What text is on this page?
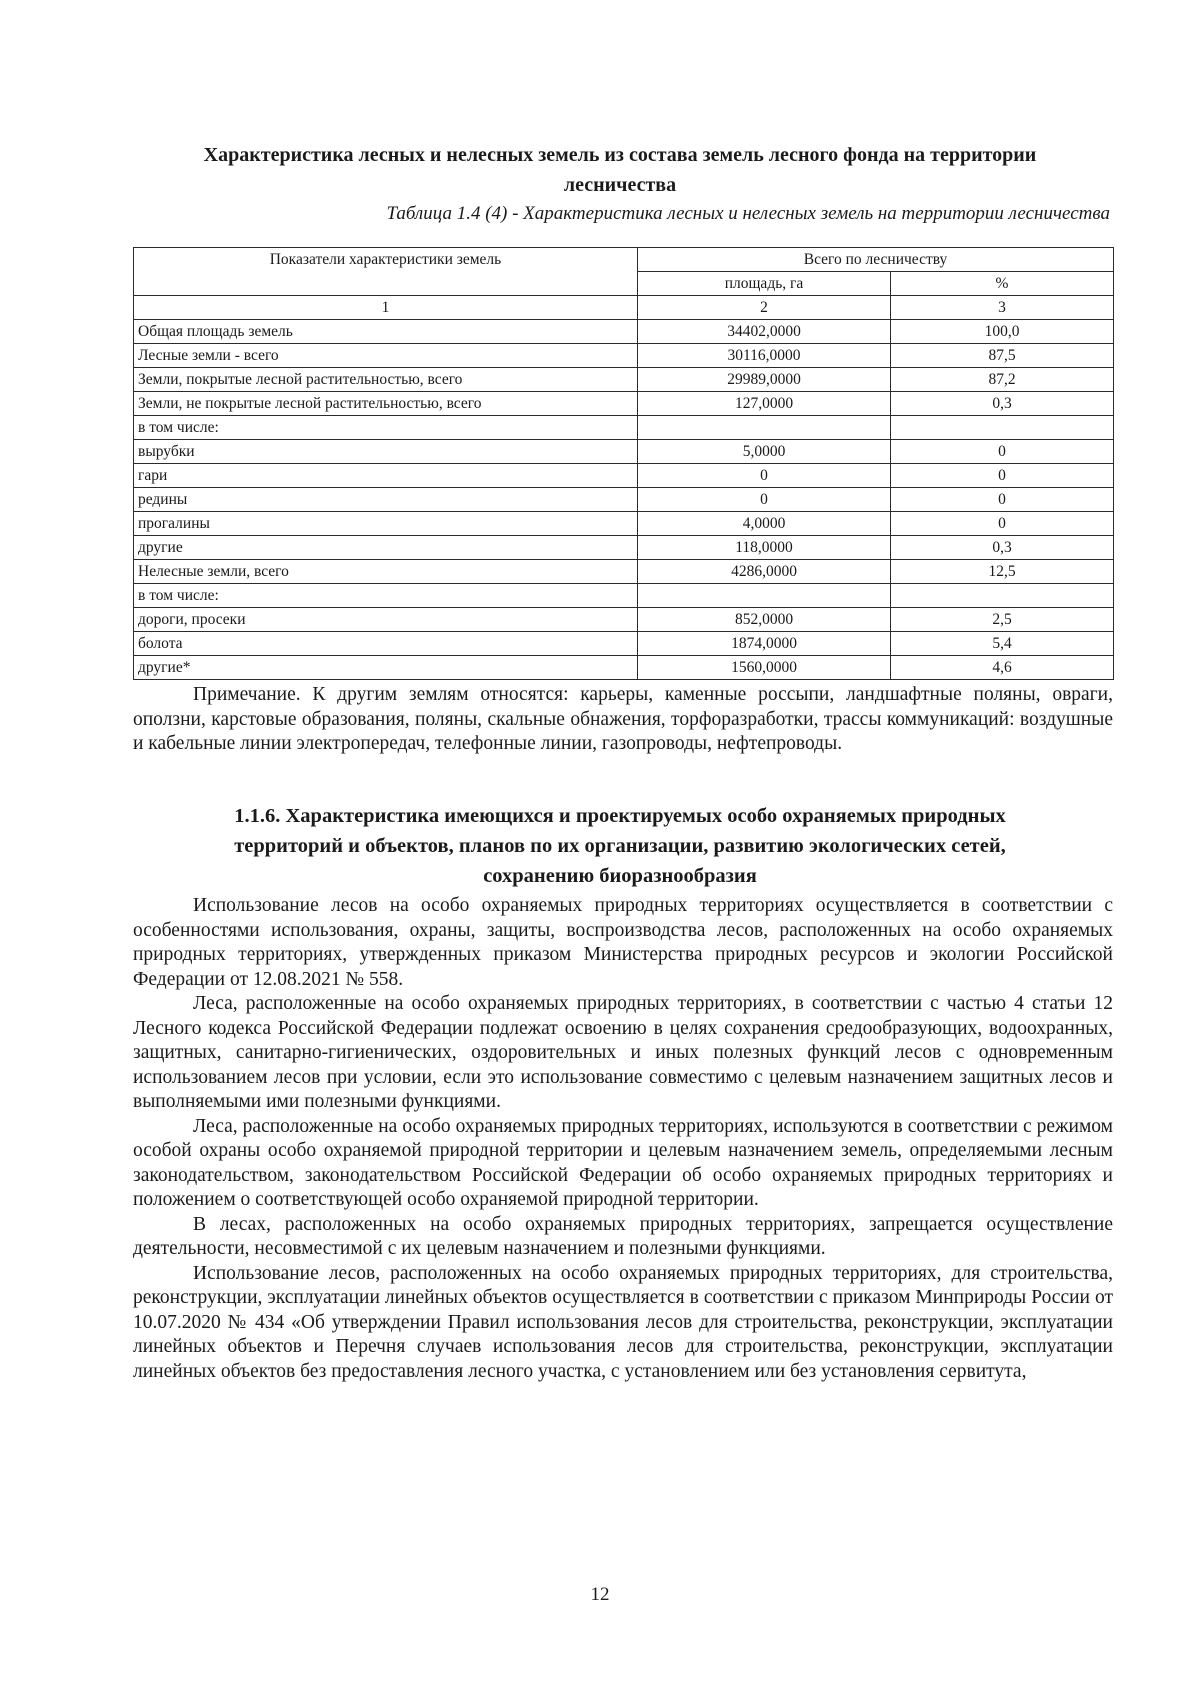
Характеристика лесных и нелесных земель из состава земель лесного фонда на территории
лесничества
Таблица 1.4 (4) - Характеристика лесных и нелесных земель на территории лесничества
Показатели характеристики земель	Всего по лесничеству	
	площадь, га	%
1	2	3
Общая площадь земель	34402,0000	100,0
Лесные земли - всего	30116,0000	87,5
Земли, покрытые лесной растительностью, всего	29989,0000	87,2
Земли, не покрытые лесной растительностью, всего	127,0000	0,3
в том числе:		
вырубки	5,0000	0
гари	0	0
редины	0	0
прогалины	4,0000	0
другие	118,0000	0,3
Нелесные земли, всего	4286,0000	12,5
в том числе:		
дороги, просеки	852,0000	2,5
болота	1874,0000	5,4
другие*	1560,0000	4,6

Примечание. К другим землям относятся: карьеры, каменные россыпи, ландшафтные поляны, овраги, оползни, карстовые образования, поляны, скальные обнажения, торфоразработки, трассы коммуникаций: воздушные и кабельные линии электропередач, телефонные линии, газопроводы, нефтепроводы.

1.1.6. Характеристика имеющихся и проектируемых особо охраняемых природных
территорий и объектов, планов по их организации, развитию экологических сетей,
сохранению биоразнообразия

Использование лесов на особо охраняемых природных территориях осуществляется в соответствии с особенностями использования, охраны, защиты, воспроизводства лесов, расположенных на особо охраняемых природных территориях, утвержденных приказом Министерства природных ресурсов и экологии Российской Федерации от 12.08.2021 № 558.

Леса, расположенные на особо охраняемых природных территориях, в соответствии с частью 4 статьи 12 Лесного кодекса Российской Федерации подлежат освоению в целях сохранения средообразующих, водоохранных, защитных, санитарно-гигиенических, оздоровительных и иных полезных функций лесов с одновременным использованием лесов при условии, если это использование совместимо с целевым назначением защитных лесов и выполняемыми ими полезными функциями.

Леса, расположенные на особо охраняемых природных территориях, используются в соответствии с режимом особой охраны особо охраняемой природной территории и целевым назначением земель, определяемыми лесным законодательством, законодательством Российской Федерации об особо охраняемых природных территориях и положением о соответствующей особо охраняемой природной территории.

В лесах, расположенных на особо охраняемых природных территориях, запрещается осуществление деятельности, несовместимой с их целевым назначением и полезными функциями.

Использование лесов, расположенных на особо охраняемых природных территориях, для строительства, реконструкции, эксплуатации линейных объектов осуществляется в соответствии с приказом Минприроды России от 10.07.2020 № 434 «Об утверждении Правил использования лесов для строительства, реконструкции, эксплуатации линейных объектов и Перечня случаев использования лесов для строительства, реконструкции, эксплуатации линейных объектов без предоставления лесного участка, с установлением или без установления сервитута,

12
